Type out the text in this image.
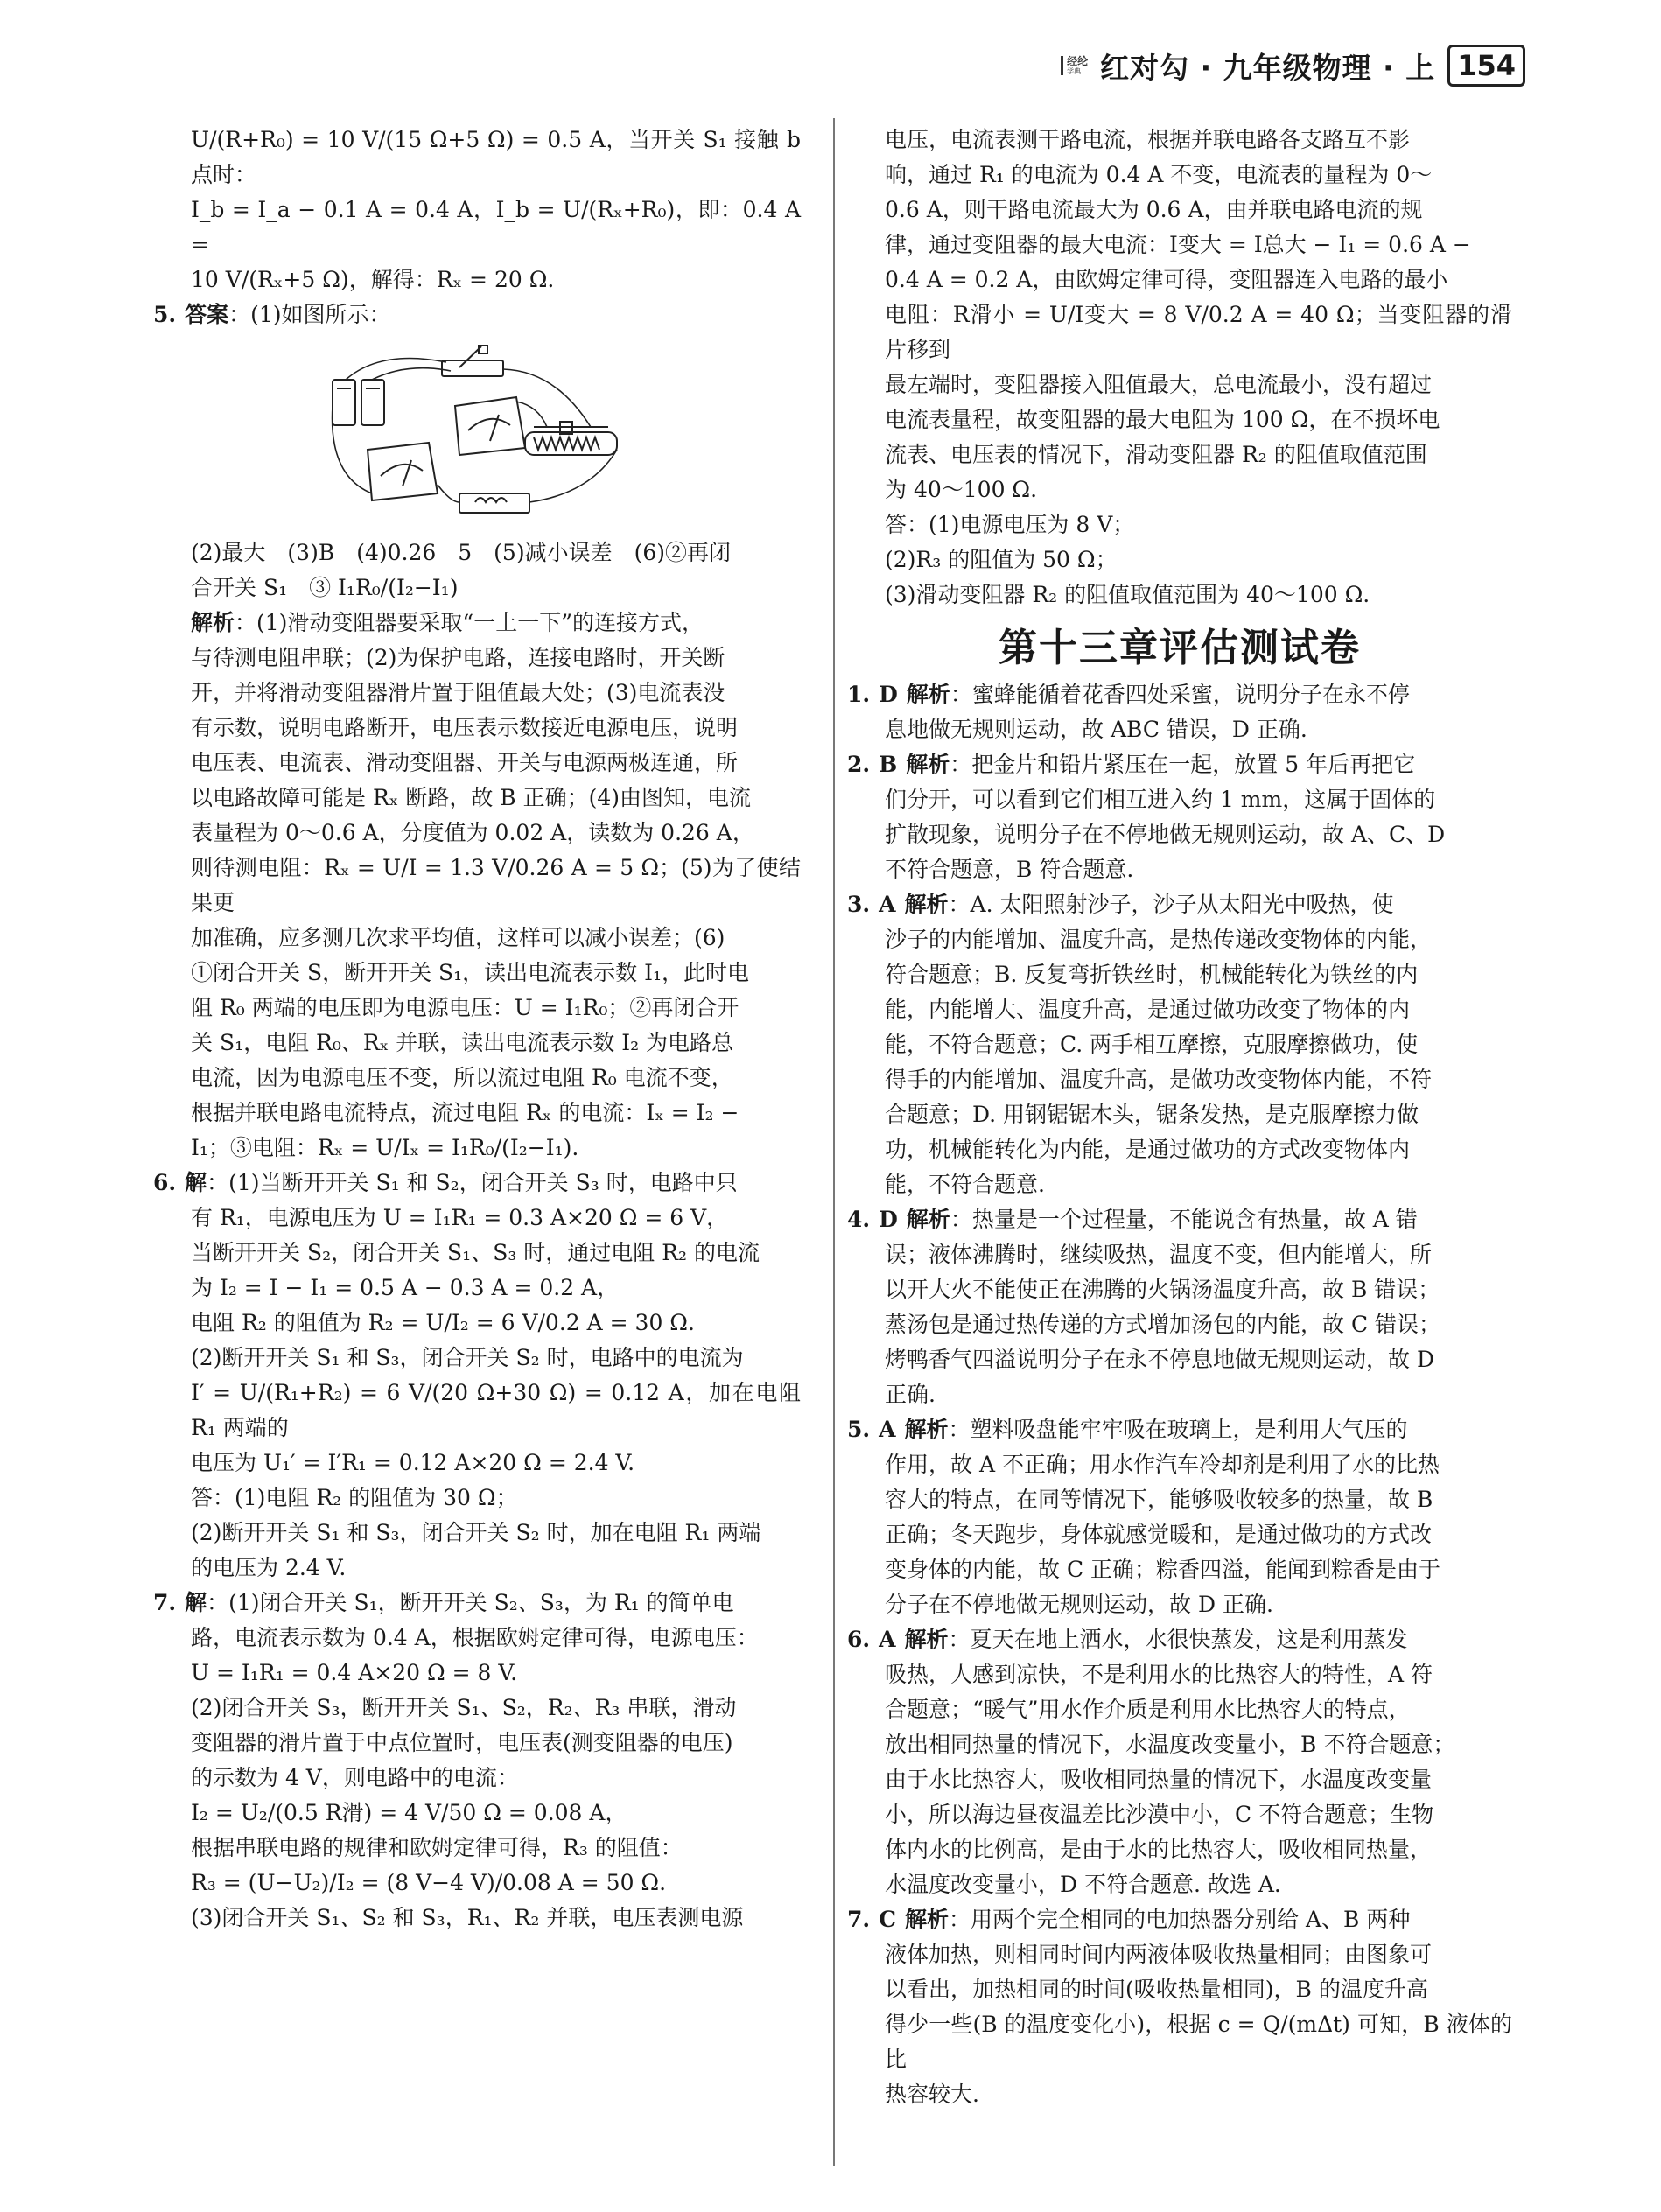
经纶
学典 红对勾 · 九年级物理 · 上 154

U/(R+R₀) = 10 V/(15 Ω+5 Ω) = 0.5 A，当开关 S₁ 接触 b 点时：

I_b = I_a − 0.1 A = 0.4 A，I_b = U/(Rₓ+R₀)，即：0.4 A =

10 V/(Rₓ+5 Ω)，解得：Rₓ = 20 Ω.

5. 答案：(1)如图所示：

(2)最大　(3)B　(4)0.26　5　(5)减小误差　(6)②再闭

合开关 S₁　③ I₁R₀/(I₂−I₁)

解析：(1)滑动变阻器要采取“一上一下”的连接方式，

与待测电阻串联；(2)为保护电路，连接电路时，开关断

开，并将滑动变阻器滑片置于阻值最大处；(3)电流表没

有示数，说明电路断开，电压表示数接近电源电压，说明

电压表、电流表、滑动变阻器、开关与电源两极连通，所

以电路故障可能是 Rₓ 断路，故 B 正确；(4)由图知，电流

表量程为 0～0.6 A，分度值为 0.02 A，读数为 0.26 A，

则待测电阻：Rₓ = U/I = 1.3 V/0.26 A = 5 Ω；(5)为了使结果更

加准确，应多测几次求平均值，这样可以减小误差；(6)

①闭合开关 S，断开开关 S₁，读出电流表示数 I₁，此时电

阻 R₀ 两端的电压即为电源电压：U = I₁R₀；②再闭合开

关 S₁，电阻 R₀、Rₓ 并联，读出电流表示数 I₂ 为电路总

电流，因为电源电压不变，所以流过电阻 R₀ 电流不变，

根据并联电路电流特点，流过电阻 Rₓ 的电流：Iₓ = I₂ −

I₁；③电阻：Rₓ = U/Iₓ = I₁R₀/(I₂−I₁).

6. 解：(1)当断开开关 S₁ 和 S₂，闭合开关 S₃ 时，电路中只

有 R₁，电源电压为 U = I₁R₁ = 0.3 A×20 Ω = 6 V，

当断开开关 S₂，闭合开关 S₁、S₃ 时，通过电阻 R₂ 的电流

为 I₂ = I − I₁ = 0.5 A − 0.3 A = 0.2 A，

电阻 R₂ 的阻值为 R₂ = U/I₂ = 6 V/0.2 A = 30 Ω.

(2)断开开关 S₁ 和 S₃，闭合开关 S₂ 时，电路中的电流为

I′ = U/(R₁+R₂) = 6 V/(20 Ω+30 Ω) = 0.12 A，加在电阻 R₁ 两端的

电压为 U₁′ = I′R₁ = 0.12 A×20 Ω = 2.4 V.

答：(1)电阻 R₂ 的阻值为 30 Ω；

(2)断开开关 S₁ 和 S₃，闭合开关 S₂ 时，加在电阻 R₁ 两端

的电压为 2.4 V.

7. 解：(1)闭合开关 S₁，断开开关 S₂、S₃，为 R₁ 的简单电

路，电流表示数为 0.4 A，根据欧姆定律可得，电源电压：

U = I₁R₁ = 0.4 A×20 Ω = 8 V.

(2)闭合开关 S₃，断开开关 S₁、S₂，R₂、R₃ 串联，滑动

变阻器的滑片置于中点位置时，电压表(测变阻器的电压)

的示数为 4 V，则电路中的电流：

I₂ = U₂/(0.5 R滑) = 4 V/50 Ω = 0.08 A，

根据串联电路的规律和欧姆定律可得，R₃ 的阻值：

R₃ = (U−U₂)/I₂ = (8 V−4 V)/0.08 A = 50 Ω.

(3)闭合开关 S₁、S₂ 和 S₃，R₁、R₂ 并联，电压表测电源

电压，电流表测干路电流，根据并联电路各支路互不影

响，通过 R₁ 的电流为 0.4 A 不变，电流表的量程为 0～

0.6 A，则干路电流最大为 0.6 A，由并联电路电流的规

律，通过变阻器的最大电流：I变大 = I总大 − I₁ = 0.6 A −

0.4 A = 0.2 A，由欧姆定律可得，变阻器连入电路的最小

电阻：R滑小 = U/I变大 = 8 V/0.2 A = 40 Ω；当变阻器的滑片移到

最左端时，变阻器接入阻值最大，总电流最小，没有超过

电流表量程，故变阻器的最大电阻为 100 Ω，在不损坏电

流表、电压表的情况下，滑动变阻器 R₂ 的阻值取值范围

为 40～100 Ω.

答：(1)电源电压为 8 V；

(2)R₃ 的阻值为 50 Ω；

(3)滑动变阻器 R₂ 的阻值取值范围为 40～100 Ω.

第十三章评估测试卷

1. D 解析：蜜蜂能循着花香四处采蜜，说明分子在永不停

息地做无规则运动，故 ABC 错误，D 正确.

2. B 解析：把金片和铅片紧压在一起，放置 5 年后再把它

们分开，可以看到它们相互进入约 1 mm，这属于固体的

扩散现象，说明分子在不停地做无规则运动，故 A、C、D

不符合题意，B 符合题意.

3. A 解析：A. 太阳照射沙子，沙子从太阳光中吸热，使

沙子的内能增加、温度升高，是热传递改变物体的内能，

符合题意；B. 反复弯折铁丝时，机械能转化为铁丝的内

能，内能增大、温度升高，是通过做功改变了物体的内

能，不符合题意；C. 两手相互摩擦，克服摩擦做功，使

得手的内能增加、温度升高，是做功改变物体内能，不符

合题意；D. 用钢锯锯木头，锯条发热，是克服摩擦力做

功，机械能转化为内能，是通过做功的方式改变物体内

能，不符合题意.

4. D 解析：热量是一个过程量，不能说含有热量，故 A 错

误；液体沸腾时，继续吸热，温度不变，但内能增大，所

以开大火不能使正在沸腾的火锅汤温度升高，故 B 错误；

蒸汤包是通过热传递的方式增加汤包的内能，故 C 错误；

烤鸭香气四溢说明分子在永不停息地做无规则运动，故 D

正确.

5. A 解析：塑料吸盘能牢牢吸在玻璃上，是利用大气压的

作用，故 A 不正确；用水作汽车冷却剂是利用了水的比热

容大的特点，在同等情况下，能够吸收较多的热量，故 B

正确；冬天跑步，身体就感觉暖和，是通过做功的方式改

变身体的内能，故 C 正确；粽香四溢，能闻到粽香是由于

分子在不停地做无规则运动，故 D 正确.

6. A 解析：夏天在地上洒水，水很快蒸发，这是利用蒸发

吸热，人感到凉快，不是利用水的比热容大的特性，A 符

合题意；“暖气”用水作介质是利用水比热容大的特点，

放出相同热量的情况下，水温度改变量小，B 不符合题意；

由于水比热容大，吸收相同热量的情况下，水温度改变量

小，所以海边昼夜温差比沙漠中小，C 不符合题意；生物

体内水的比例高，是由于水的比热容大，吸收相同热量，

水温度改变量小，D 不符合题意. 故选 A.

7. C 解析：用两个完全相同的电加热器分别给 A、B 两种

液体加热，则相同时间内两液体吸收热量相同；由图象可

以看出，加热相同的时间(吸收热量相同)，B 的温度升高

得少一些(B 的温度变化小)，根据 c = Q/(mΔt) 可知，B 液体的比

热容较大.
